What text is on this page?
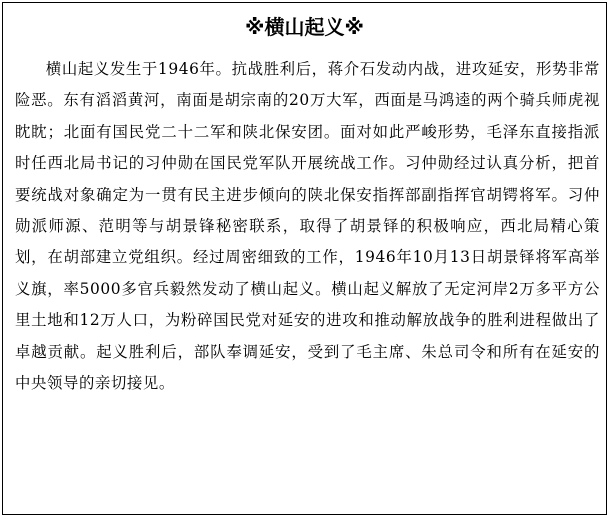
※横山起义※

横山起义发生于1946年。抗战胜利后，蒋介石发动内战，进攻延安，形势非常险恶。东有滔滔黄河，南面是胡宗南的20万大军，西面是马鸿逵的两个骑兵师虎视眈眈；北面有国民党二十二军和陕北保安团。面对如此严峻形势，毛泽东直接指派时任西北局书记的习仲勋在国民党军队开展统战工作。习仲勋经过认真分析，把首要统战对象确定为一贯有民主进步倾向的陕北保安指挥部副指挥官胡锷将军。习仲勋派师源、范明等与胡景锋秘密联系，取得了胡景铎的积极响应，西北局精心策划，在胡部建立党组织。经过周密细致的工作，1946年10月13日胡景铎将军高举义旗，率5000多官兵毅然发动了横山起义。横山起义解放了无定河岸2万多平方公里土地和12万人口，为粉碎国民党对延安的进攻和推动解放战争的胜利进程做出了卓越贡献。起义胜利后，部队奉调延安，受到了毛主席、朱总司令和所有在延安的中央领导的亲切接见。
